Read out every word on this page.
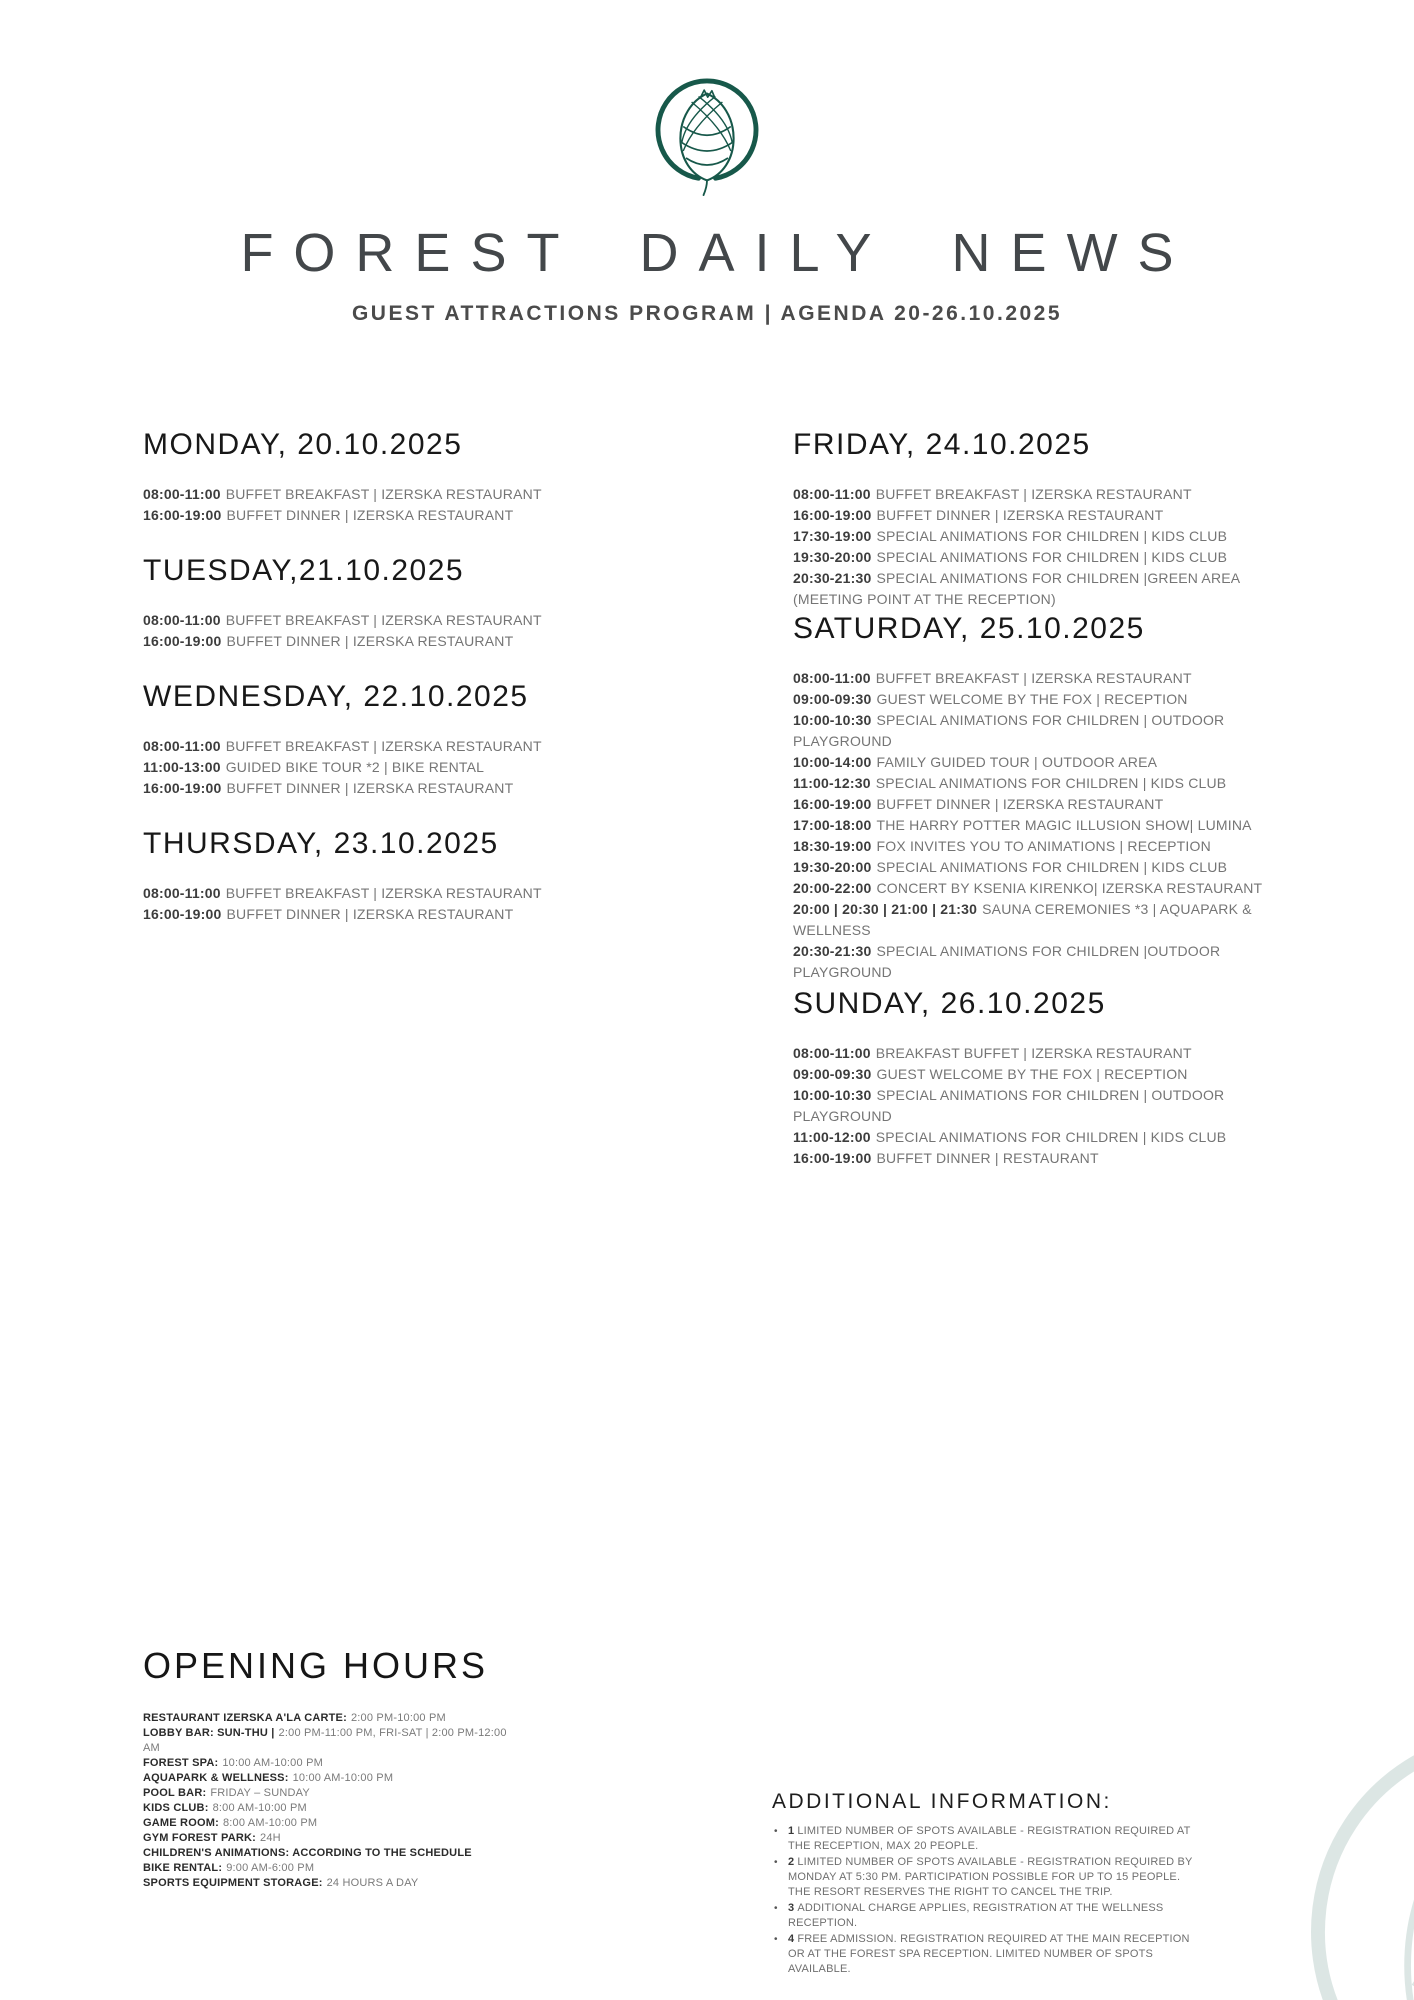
FOREST DAILY NEWS
GUEST ATTRACTIONS PROGRAM | AGENDA 20-26.10.2025
MONDAY, 20.10.2025

08:00-11:00 BUFFET BREAKFAST | IZERSKA RESTAURANT

16:00-19:00 BUFFET DINNER | IZERSKA RESTAURANT

TUESDAY,21.10.2025

08:00-11:00 BUFFET BREAKFAST | IZERSKA RESTAURANT

16:00-19:00 BUFFET DINNER | IZERSKA RESTAURANT

WEDNESDAY, 22.10.2025

08:00-11:00 BUFFET BREAKFAST | IZERSKA RESTAURANT

11:00-13:00 GUIDED BIKE TOUR *2 | BIKE RENTAL

16:00-19:00 BUFFET DINNER | IZERSKA RESTAURANT

THURSDAY, 23.10.2025

08:00-11:00 BUFFET BREAKFAST | IZERSKA RESTAURANT

16:00-19:00 BUFFET DINNER | IZERSKA RESTAURANT

FRIDAY, 24.10.2025

08:00-11:00 BUFFET BREAKFAST | IZERSKA RESTAURANT

16:00-19:00 BUFFET DINNER | IZERSKA RESTAURANT

17:30-19:00 SPECIAL ANIMATIONS FOR CHILDREN | KIDS CLUB

19:30-20:00 SPECIAL ANIMATIONS FOR CHILDREN | KIDS CLUB

20:30-21:30 SPECIAL ANIMATIONS FOR CHILDREN |GREEN AREA (MEETING POINT AT THE RECEPTION)

SATURDAY, 25.10.2025

08:00-11:00 BUFFET BREAKFAST | IZERSKA RESTAURANT

09:00-09:30 GUEST WELCOME BY THE FOX | RECEPTION

10:00-10:30 SPECIAL ANIMATIONS FOR CHILDREN | OUTDOOR PLAYGROUND

10:00-14:00 FAMILY GUIDED TOUR | OUTDOOR AREA

11:00-12:30 SPECIAL ANIMATIONS FOR CHILDREN | KIDS CLUB

16:00-19:00 BUFFET DINNER | IZERSKA RESTAURANT

17:00-18:00 THE HARRY POTTER MAGIC ILLUSION SHOW| LUMINA

18:30-19:00 FOX INVITES YOU TO ANIMATIONS | RECEPTION

19:30-20:00 SPECIAL ANIMATIONS FOR CHILDREN | KIDS CLUB

20:00-22:00 CONCERT BY KSENIA KIRENKO| IZERSKA RESTAURANT

20:00 | 20:30 | 21:00 | 21:30 SAUNA CEREMONIES *3 | AQUAPARK & WELLNESS

20:30-21:30 SPECIAL ANIMATIONS FOR CHILDREN |OUTDOOR PLAYGROUND

SUNDAY, 26.10.2025

08:00-11:00 BREAKFAST BUFFET | IZERSKA RESTAURANT

09:00-09:30 GUEST WELCOME BY THE FOX | RECEPTION

10:00-10:30 SPECIAL ANIMATIONS FOR CHILDREN | OUTDOOR PLAYGROUND

11:00-12:00 SPECIAL ANIMATIONS FOR CHILDREN | KIDS CLUB

16:00-19:00 BUFFET DINNER | RESTAURANT

OPENING HOURS

RESTAURANT IZERSKA A'LA CARTE: 2:00 PM-10:00 PM

LOBBY BAR: SUN-THU | 2:00 PM-11:00 PM, FRI-SAT | 2:00 PM-12:00 AM

FOREST SPA: 10:00 AM-10:00 PM

AQUAPARK & WELLNESS: 10:00 AM-10:00 PM

POOL BAR: FRIDAY – SUNDAY

KIDS CLUB: 8:00 AM-10:00 PM

GAME ROOM: 8:00 AM-10:00 PM

GYM FOREST PARK: 24H

CHILDREN'S ANIMATIONS: ACCORDING TO THE SCHEDULE

BIKE RENTAL: 9:00 AM-6:00 PM

SPORTS EQUIPMENT STORAGE: 24 HOURS A DAY

ADDITIONAL INFORMATION:

• 1 LIMITED NUMBER OF SPOTS AVAILABLE - REGISTRATION REQUIRED AT THE RECEPTION, MAX 20 PEOPLE.

• 2 LIMITED NUMBER OF SPOTS AVAILABLE - REGISTRATION REQUIRED BY MONDAY AT 5:30 PM. PARTICIPATION POSSIBLE FOR UP TO 15 PEOPLE. THE RESORT RESERVES THE RIGHT TO CANCEL THE TRIP.

• 3 ADDITIONAL CHARGE APPLIES, REGISTRATION AT THE WELLNESS RECEPTION.

• 4 FREE ADMISSION. REGISTRATION REQUIRED AT THE MAIN RECEPTION OR AT THE FOREST SPA RECEPTION. LIMITED NUMBER OF SPOTS AVAILABLE.
